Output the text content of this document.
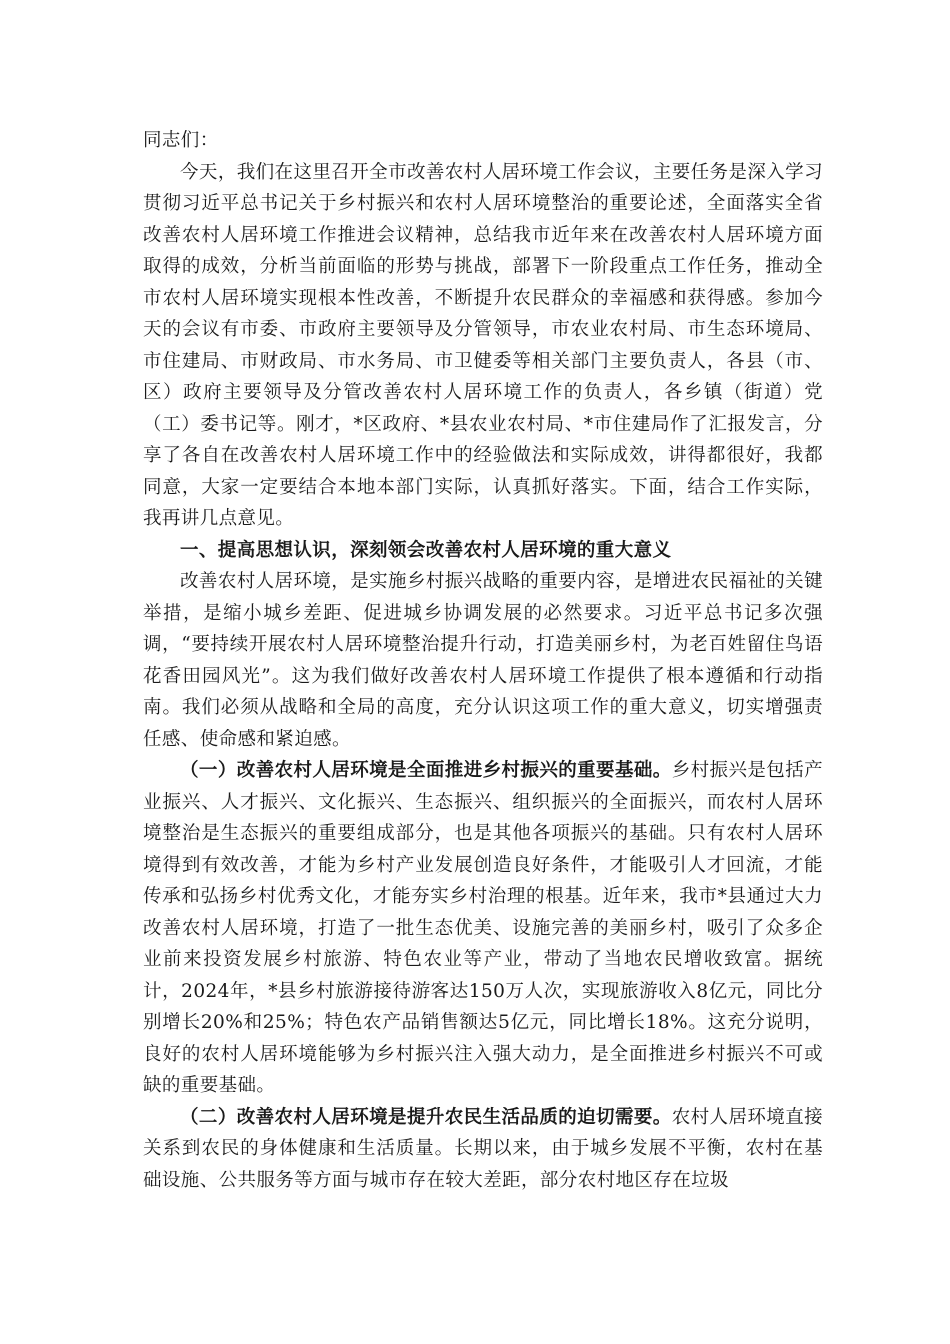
同志们：

今天，我们在这里召开全市改善农村人居环境工作会议，主要任务是深入学习贯彻习近平总书记关于乡村振兴和农村人居环境整治的重要论述，全面落实全省改善农村人居环境工作推进会议精神，总结我市近年来在改善农村人居环境方面取得的成效，分析当前面临的形势与挑战，部署下一阶段重点工作任务，推动全市农村人居环境实现根本性改善，不断提升农民群众的幸福感和获得感。参加今天的会议有市委、市政府主要领导及分管领导，市农业农村局、市生态环境局、市住建局、市财政局、市水务局、市卫健委等相关部门主要负责人，各县（市、区）政府主要领导及分管改善农村人居环境工作的负责人，各乡镇（街道）党（工）委书记等。刚才，*区政府、*县农业农村局、*市住建局作了汇报发言，分享了各自在改善农村人居环境工作中的经验做法和实际成效，讲得都很好，我都同意，大家一定要结合本地本部门实际，认真抓好落实。下面，结合工作实际，我再讲几点意见。

一、提高思想认识，深刻领会改善农村人居环境的重大意义

改善农村人居环境，是实施乡村振兴战略的重要内容，是增进农民福祉的关键举措，是缩小城乡差距、促进城乡协调发展的必然要求。习近平总书记多次强调，“要持续开展农村人居环境整治提升行动，打造美丽乡村，为老百姓留住鸟语花香田园风光”。这为我们做好改善农村人居环境工作提供了根本遵循和行动指南。我们必须从战略和全局的高度，充分认识这项工作的重大意义，切实增强责任感、使命感和紧迫感。

（一）改善农村人居环境是全面推进乡村振兴的重要基础。乡村振兴是包括产业振兴、人才振兴、文化振兴、生态振兴、组织振兴的全面振兴，而农村人居环境整治是生态振兴的重要组成部分，也是其他各项振兴的基础。只有农村人居环境得到有效改善，才能为乡村产业发展创造良好条件，才能吸引人才回流，才能传承和弘扬乡村优秀文化，才能夯实乡村治理的根基。近年来，我市*县通过大力改善农村人居环境，打造了一批生态优美、设施完善的美丽乡村，吸引了众多企业前来投资发展乡村旅游、特色农业等产业，带动了当地农民增收致富。据统计，2024年，*县乡村旅游接待游客达150万人次，实现旅游收入8亿元，同比分别增长20%和25%；特色农产品销售额达5亿元，同比增长18%。这充分说明，良好的农村人居环境能够为乡村振兴注入强大动力，是全面推进乡村振兴不可或缺的重要基础。

（二）改善农村人居环境是提升农民生活品质的迫切需要。农村人居环境直接关系到农民的身体健康和生活质量。长期以来，由于城乡发展不平衡，农村在基础设施、公共服务等方面与城市存在较大差距，部分农村地区存在垃圾
